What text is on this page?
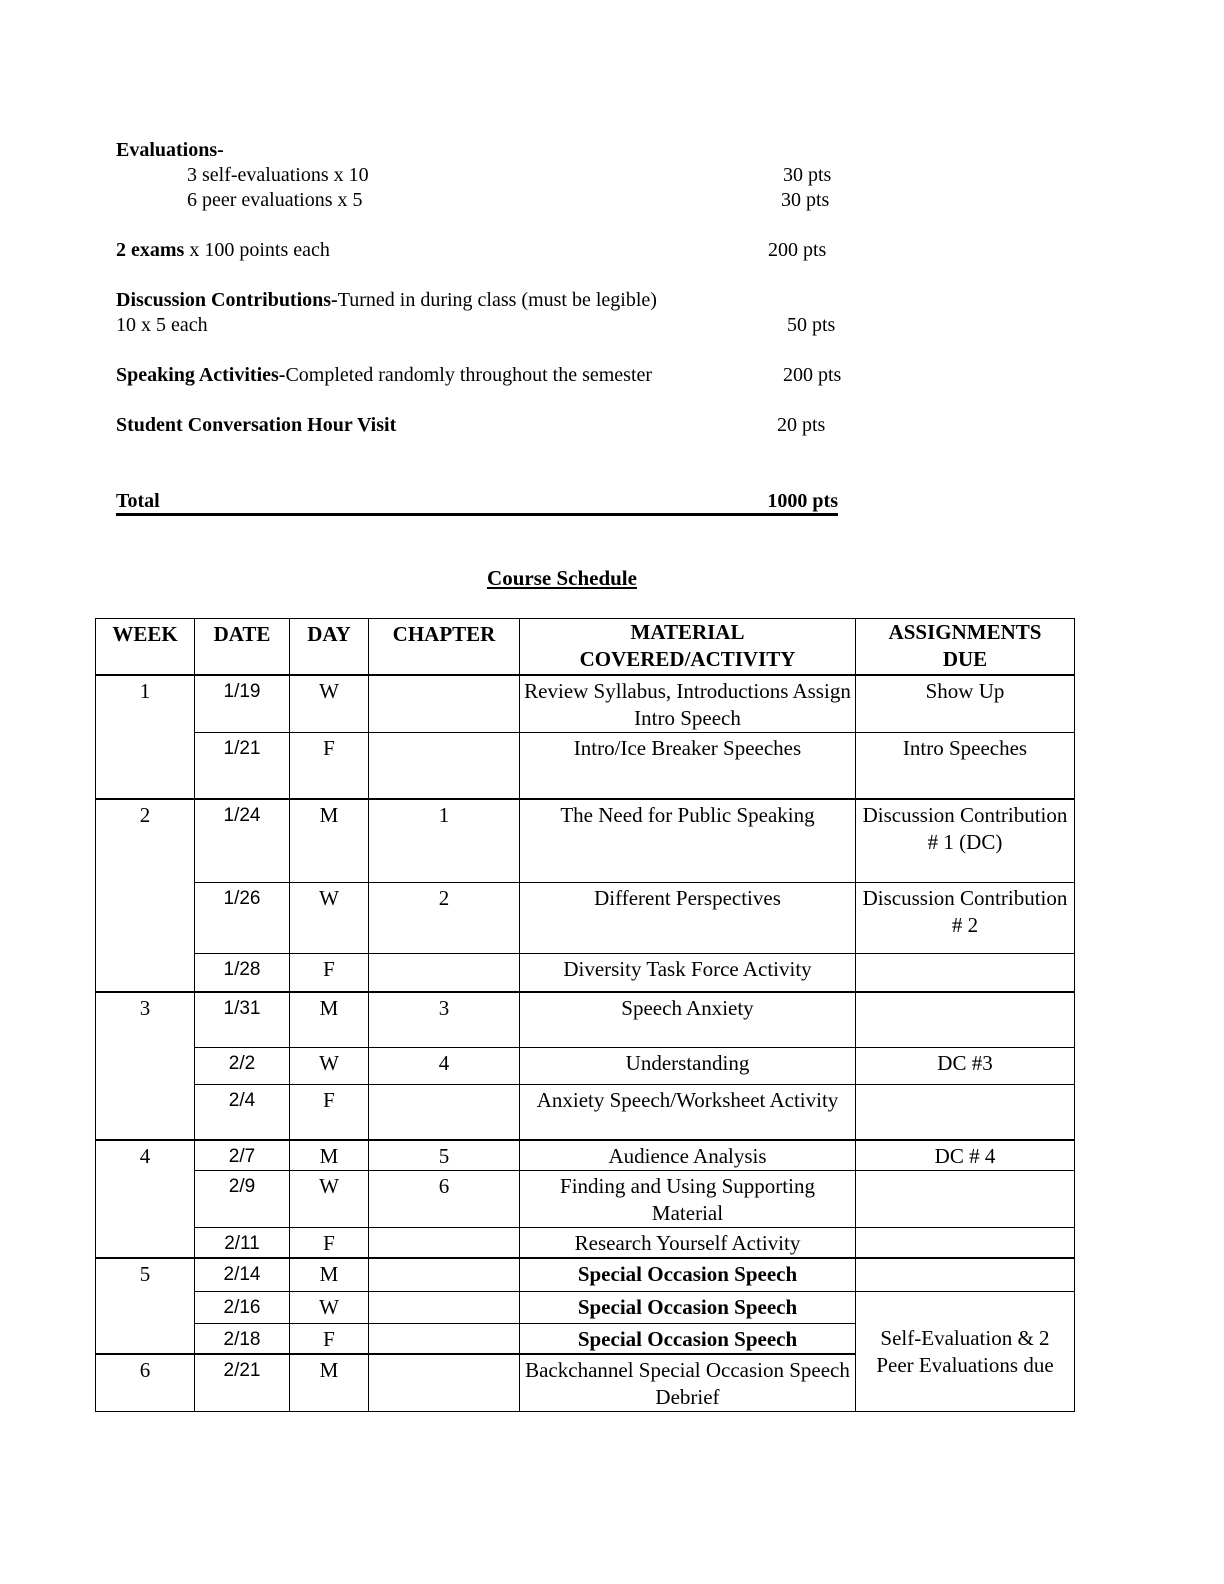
Evaluations-
3 self-evaluations x 10	30 pts
6 peer evaluations x 5	30 pts
2 exams x 100 points each	200 pts
Discussion Contributions-Turned in during class (must be legible)
10 x 5 each	50 pts
Speaking Activities-Completed randomly throughout the semester	200 pts
Student Conversation Hour Visit	20 pts
Total	1000 pts
Course Schedule
WEEK	DATE	DAY	CHAPTER	MATERIAL COVERED/ACTIVITY	ASSIGNMENTS DUE
1	1/19	W		Review Syllabus, Introductions Assign Intro Speech	Show Up
	1/21	F		Intro/Ice Breaker Speeches	Intro Speeches
2	1/24	M	1	The Need for Public Speaking	Discussion Contribution # 1 (DC)
	1/26	W	2	Different Perspectives	Discussion Contribution # 2
	1/28	F		Diversity Task Force Activity	
3	1/31	M	3	Speech Anxiety	
	2/2	W	4	Understanding	DC #3
	2/4	F		Anxiety Speech/Worksheet Activity	
4	2/7	M	5	Audience Analysis	DC # 4
	2/9	W	6	Finding and Using Supporting Material	
	2/11	F		Research Yourself Activity	
5	2/14	M		Special Occasion Speech	
	2/16	W		Special Occasion Speech	Self-Evaluation & 2 Peer Evaluations due
	2/18	F		Special Occasion Speech	
6	2/21	M		Backchannel Special Occasion Speech Debrief	
